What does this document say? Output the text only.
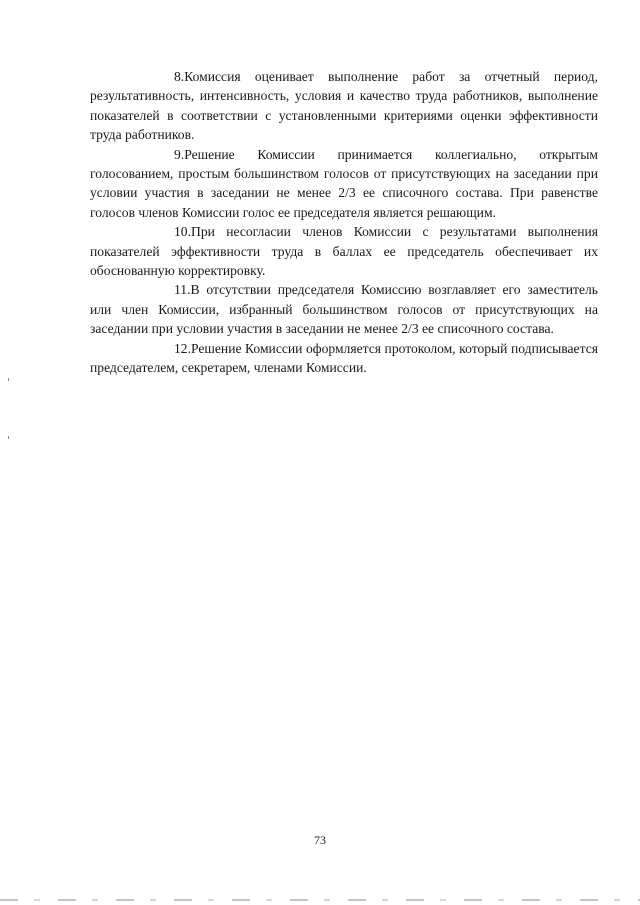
8.Комиссия оценивает выполнение работ за отчетный период, результативность, интенсивность, условия и качество труда работников, выполнение показателей в соответствии с установленными критериями оценки эффективности труда работников.

9.Решение Комиссии принимается коллегиально, открытым голосованием, простым большинством голосов от присутствующих на заседании при условии участия в заседании не менее 2/3 ее списочного состава. При равенстве голосов членов Комиссии голос ее председателя является решающим.

10.При несогласии членов Комиссии с результатами выполнения показателей эффективности труда в баллах ее председатель обеспечивает их обоснованную корректировку.

11.В отсутствии председателя Комиссию возглавляет его заместитель или член Комиссии, избранный большинством голосов от присутствующих на заседании при условии участия в заседании не менее 2/3 ее списочного состава.

12.Решение Комиссии оформляется протоколом, который подписывается председателем, секретарем, членами Комиссии.

73
